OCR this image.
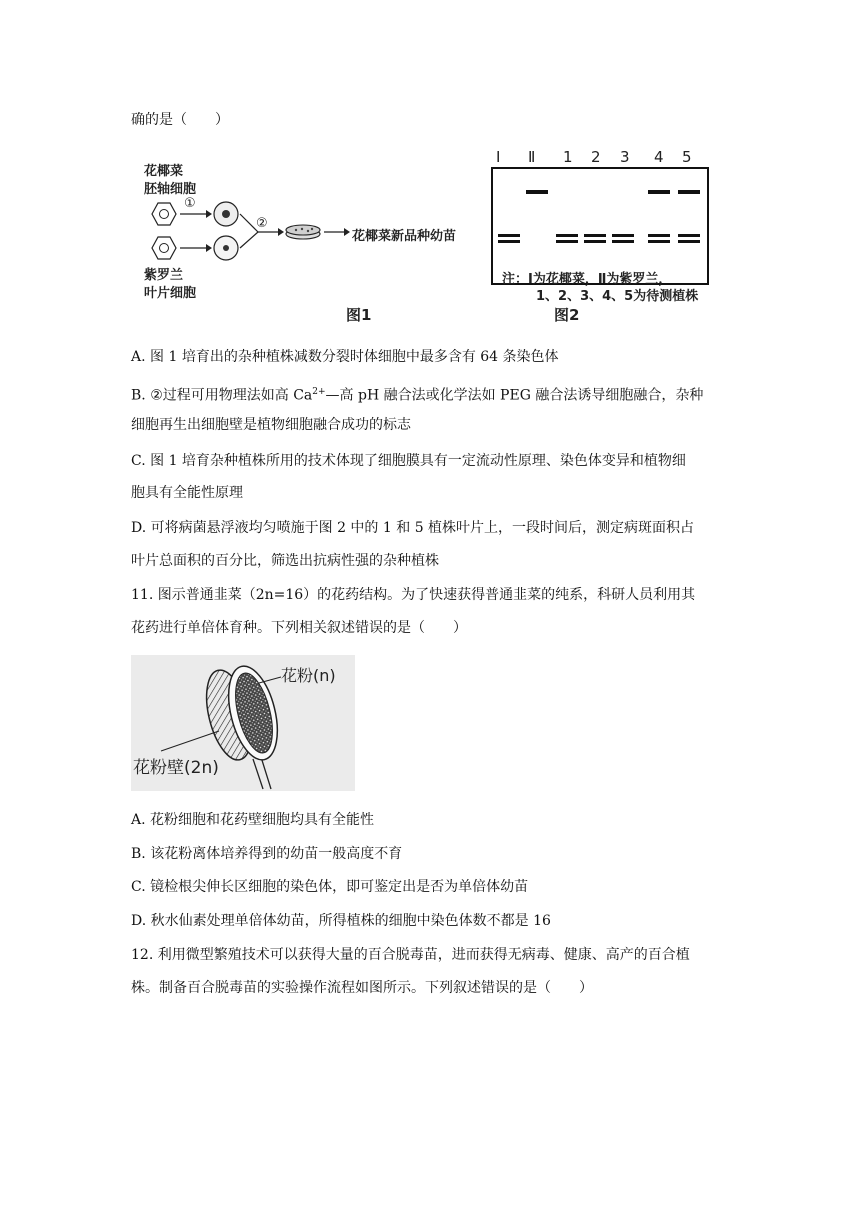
确的是（　　）
花椰菜
胚轴细胞
紫罗兰
叶片细胞
①
②
花椰菜新品种幼苗
图1
Ⅰ Ⅱ 1 2 3 4 5
注：Ⅰ为花椰菜，Ⅱ为紫罗兰，
1、2、3、4、5为待测植株
图2
A. 图 1 培育出的杂种植株减数分裂时体细胞中最多含有 64 条染色体
B. ②过程可用物理法如高 $Ca^{2+}—$高 pH 融合法或化学法如 PEG 融合法诱导细胞融合，杂种
细胞再生出细胞壁是植物细胞融合成功的标志
C. 图 1 培育杂种植株所用的技术体现了细胞膜具有一定流动性原理、染色体变异和植物细
胞具有全能性原理
D. 可将病菌悬浮液均匀喷施于图 2 中的 1 和 5 植株叶片上，一段时间后，测定病斑面积占
叶片总面积的百分比，筛选出抗病性强的杂种植株
11. 图示普通韭菜（2n=16）的花药结构。为了快速获得普通韭菜的纯系，科研人员利用其
花药进行单倍体育种。下列相关叙述错误的是（　　）
花粉(n)
花粉壁(2n)
A. 花粉细胞和花药壁细胞均具有全能性
B. 该花粉离体培养得到的幼苗一般高度不育
C. 镜检根尖伸长区细胞的染色体，即可鉴定出是否为单倍体幼苗
D. 秋水仙素处理单倍体幼苗，所得植株的细胞中染色体数不都是 16
12. 利用微型繁殖技术可以获得大量的百合脱毒苗，进而获得无病毒、健康、高产的百合植
株。制备百合脱毒苗的实验操作流程如图所示。下列叙述错误的是（　　）
